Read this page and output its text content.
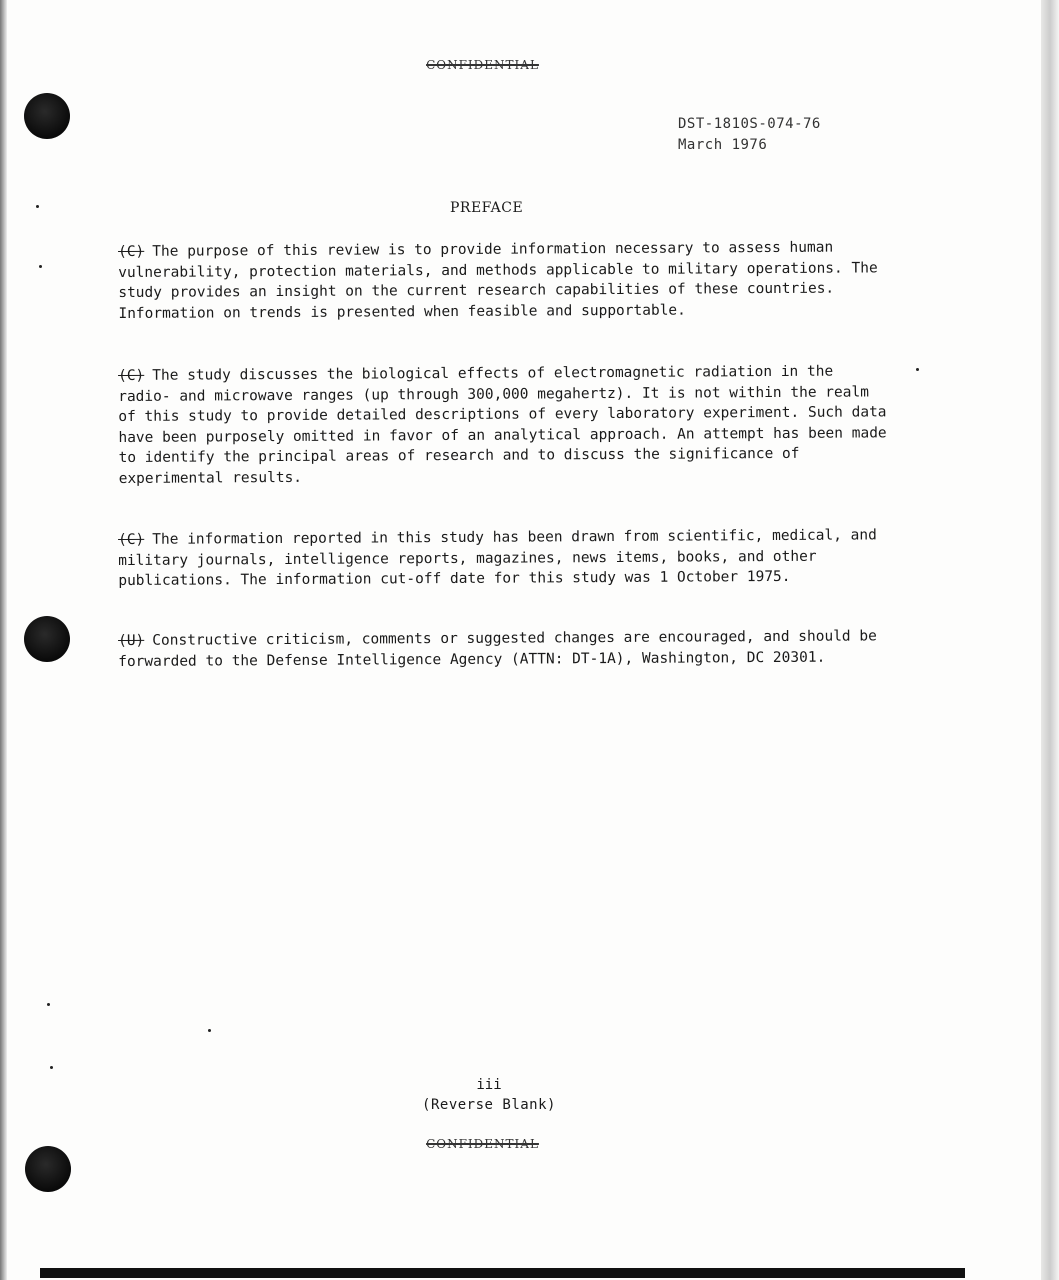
CONFIDENTIAL
DST-1810S-074-76
March 1976
PREFACE

(C) The purpose of this review is to provide information necessary to assess human vulnerability, protection materials, and methods applicable to military operations. The study provides an insight on the current research capabilities of these countries. Information on trends is presented when feasible and supportable.

(C) The study discusses the biological effects of electromagnetic radiation in the radio- and microwave ranges (up through 300,000 megahertz). It is not within the realm of this study to provide detailed descriptions of every laboratory experiment. Such data have been purposely omitted in favor of an analytical approach. An attempt has been made to identify the principal areas of research and to discuss the significance of experimental results.

(C) The information reported in this study has been drawn from scientific, medical, and military journals, intelligence reports, magazines, news items, books, and other publications. The information cut-off date for this study was 1 October 1975.

(U) Constructive criticism, comments or suggested changes are encouraged, and should be forwarded to the Defense Intelligence Agency (ATTN: DT-1A), Washington, DC 20301.

iii
(Reverse Blank)
CONFIDENTIAL
